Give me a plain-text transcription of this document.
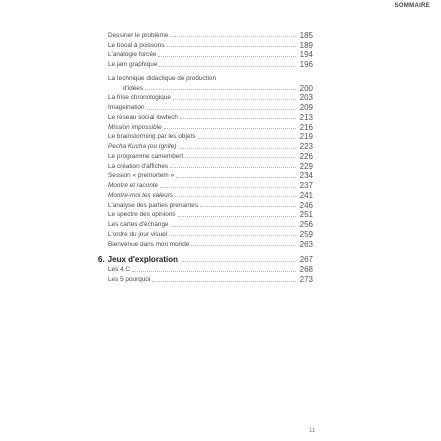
SOMMAIRE
Dessiner le problème	185
Le bocal à poissons	189
L'analogie forcée	194
Le jam graphique	196
La technique didactique de production
d'idées	200
La frise chronologique	203
Imageination	209
Le réseau social lowtech	213
Mission impossible	216
Le brainstorming par les objets	219
Pecha Kucha (ou Ignite)	223
Le programme camembert	226
La création d'affiches	229
Session « premortem »	234
Montre et raconte	237
Montre-moi tes valeurs	241
L'analyse des parties prenantes	246
Le spectre des opinions	251
Les cartes d'échange	256
L'ordre du jour visuel	259
Bienvenue dans mon monde	263
6. Jeux d'exploration	267
Les 4 C	268
Les 5 pourquoi	273
11
